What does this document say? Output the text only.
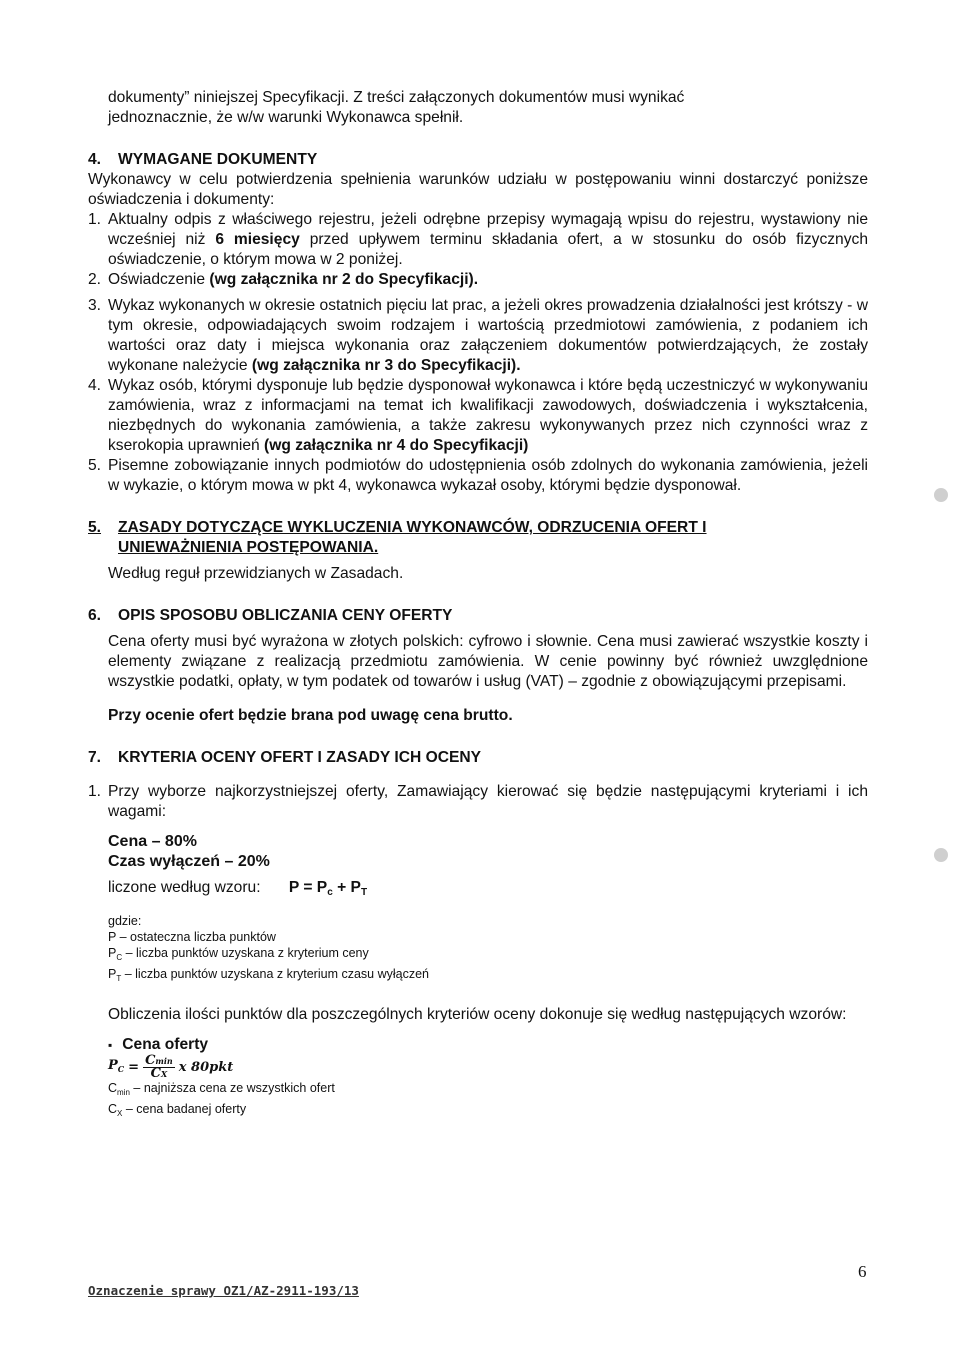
dokumenty” niniejszej Specyfikacji. Z treści załączonych dokumentów musi wynikać

jednoznacznie, że w/w warunki Wykonawca spełnił.

4.	WYMAGANE DOKUMENTY

Wykonawcy w celu potwierdzenia spełnienia warunków udziału w postępowaniu winni dostarczyć poniższe oświadczenia i dokumenty:

1. Aktualny odpis z właściwego rejestru, jeżeli odrębne przepisy wymagają wpisu do rejestru, wystawiony nie wcześniej niż 6 miesięcy przed upływem terminu składania ofert, a w stosunku do osób fizycznych oświadczenie, o którym mowa w 2 poniżej.
2. Oświadczenie (wg załącznika nr 2 do Specyfikacji).
3. Wykaz wykonanych w okresie ostatnich pięciu lat prac, a jeżeli okres prowadzenia działalności jest krótszy - w tym okresie, odpowiadających swoim rodzajem i wartością przedmiotowi zamówienia, z podaniem ich wartości oraz daty i miejsca wykonania oraz załączeniem dokumentów potwierdzających, że zostały wykonane należycie (wg załącznika nr 3 do Specyfikacji).
4. Wykaz osób, którymi dysponuje lub będzie dysponował wykonawca i które będą uczestniczyć w wykonywaniu zamówienia, wraz z informacjami na temat ich kwalifikacji zawodowych, doświadczenia i wykształcenia, niezbędnych do wykonania zamówienia, a także zakresu wykonywanych przez nich czynności wraz z kserokopia uprawnień (wg załącznika nr 4 do Specyfikacji)
5. Pisemne zobowiązanie innych podmiotów do udostępnienia osób zdolnych do wykonania zamówienia, jeżeli w wykazie, o którym mowa w pkt 4, wykonawca wykazał osoby, którymi będzie dysponował.
5.	ZASADY DOTYCZĄCE WYKLUCZENIA WYKONAWCÓW, ODRZUCENIA OFERT I
UNIEWAŻNIENIA POSTĘPOWANIA.

Według reguł przewidzianych w Zasadach.

6.	OPIS SPOSOBU OBLICZANIA CENY OFERTY

Cena oferty musi być wyrażona w złotych polskich: cyfrowo i słownie. Cena musi zawierać wszystkie koszty i elementy związane z realizacją przedmiotu zamówienia. W cenie powinny być również uwzględnione wszystkie podatki, opłaty, w tym podatek od towarów i usług (VAT) – zgodnie z obowiązującymi przepisami.

Przy ocenie ofert będzie brana pod uwagę cena brutto.

7.	KRYTERIA OCENY OFERT I ZASADY ICH OCENY
1. Przy wyborze najkorzystniejszej oferty, Zamawiający kierować się będzie następującymi kryteriami i ich wagami:

Cena – 80%

Czas wyłączeń – 20%

liczone według wzoru: $P = P_c + P_T$

gdzie:

P – ostateczna liczba punktów

$P_C$ – liczba punktów uzyskana z kryterium ceny

$P_T$ – liczba punktów uzyskana z kryterium czasu wyłączeń

Obliczenia ilości punktów dla poszczególnych kryteriów oceny dokonuje się według następujących wzorów:

▪ Cena oferty
$P_C = \frac{Cmin}{CX}$ x 80pkt

$C_{min}$ – najniższa cena ze wszystkich ofert

$C_X$ – cena badanej oferty

6
Oznaczenie sprawy OZ1/AZ-2911-193/13
